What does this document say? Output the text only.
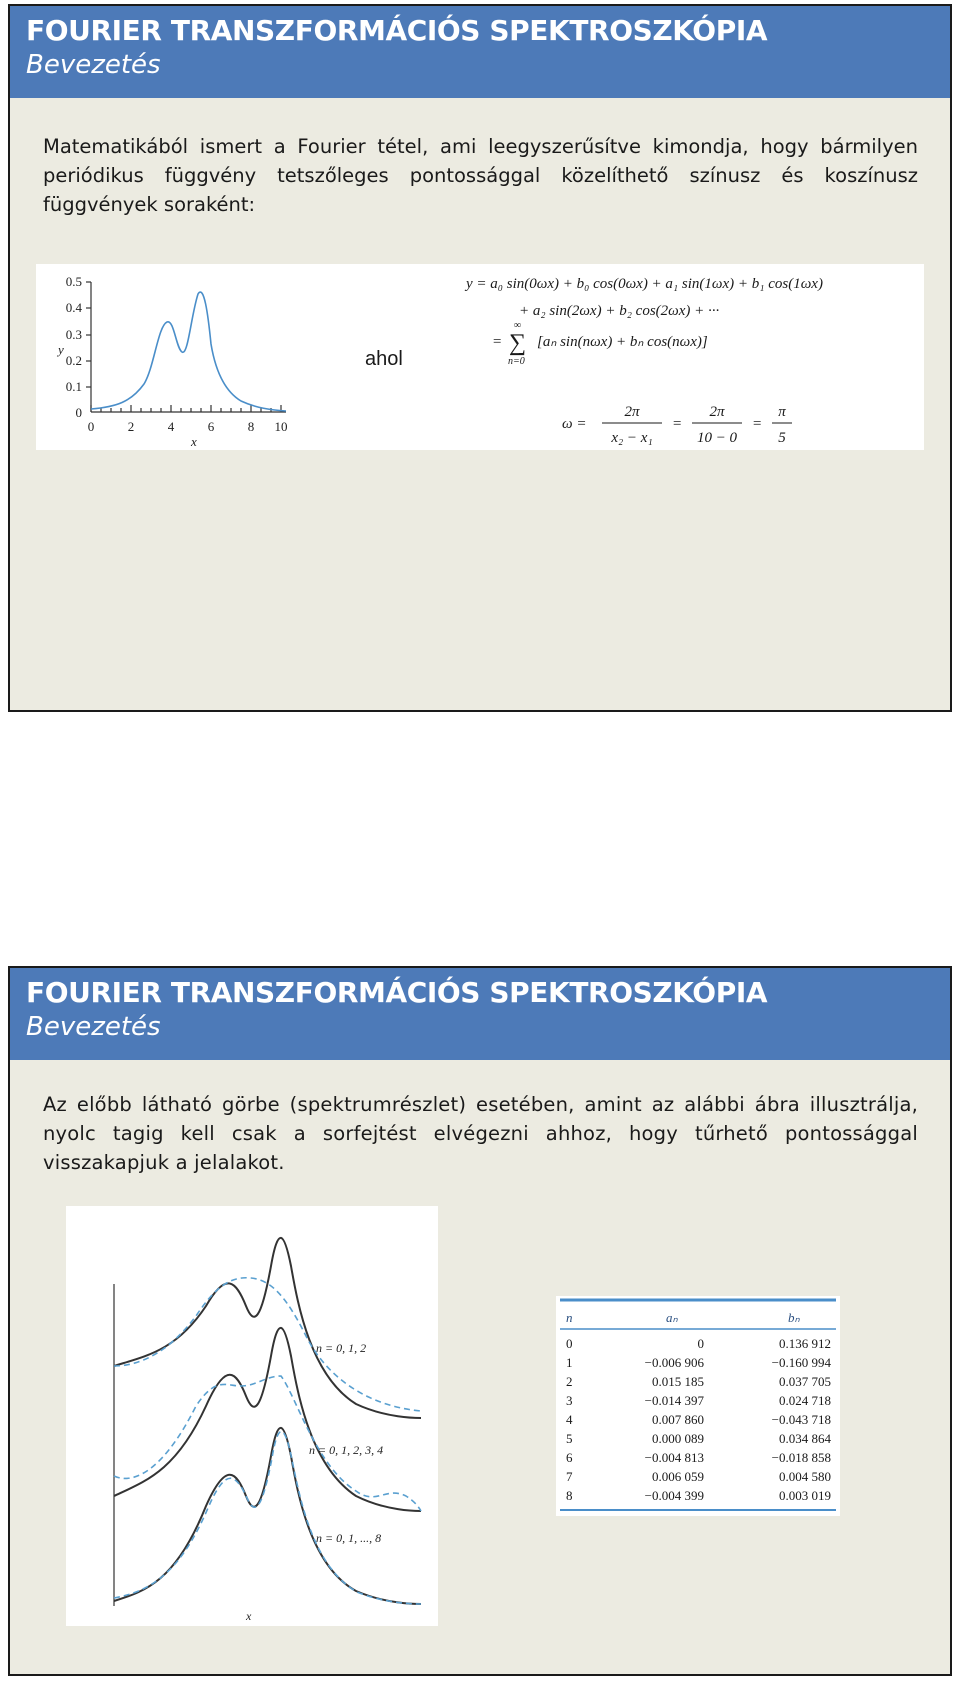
FOURIER TRANSZFORMÁCIÓS SPEKTROSZKÓPIA
Bevezetés
Matematikából ismert a Fourier tétel, ami leegyszerűsítve kimondja, hogy bármilyen periódikus függvény tetszőleges pontossággal közelíthető színusz és koszínusz függvények soraként:
0.5
0.4
0.3
0.2
0.1
0
0	2	4	6	8 10
y
x
ahol
y = a₀ sin(0ωx) + b₀ cos(0ωx) + a₁ sin(1ωx) + b₁ cos(1ωx)
+ a₂ sin(2ωx) + b₂ cos(2ωx) + ···
=
∞
∑
n=0
[aₙ sin(nωx) + bₙ cos(nωx)]
ω =
2π
x₂ − x₁
=
2π
10 − 0
=
π
5
FOURIER TRANSZFORMÁCIÓS SPEKTROSZKÓPIA
Bevezetés
Az előbb látható görbe (spektrumrészlet) esetében, amint az alábbi ábra illusztrálja, nyolc tagig kell csak a sorfejtést elvégezni ahhoz, hogy tűrhető pontossággal visszakapjuk a jelalakot.
n = 0, 1, 2
n = 0, 1, 2, 3, 4
n = 0, 1, ..., 8
x
n	aₙ	bₙ
0	0	0.136 912
1	−0.006 906	−0.160 994
2	0.015 185	0.037 705
3	−0.014 397	0.024 718
4	0.007 860	−0.043 718
5	0.000 089	0.034 864
6	−0.004 813	−0.018 858
7	0.006 059	0.004 580
8	−0.004 399	0.003 019
